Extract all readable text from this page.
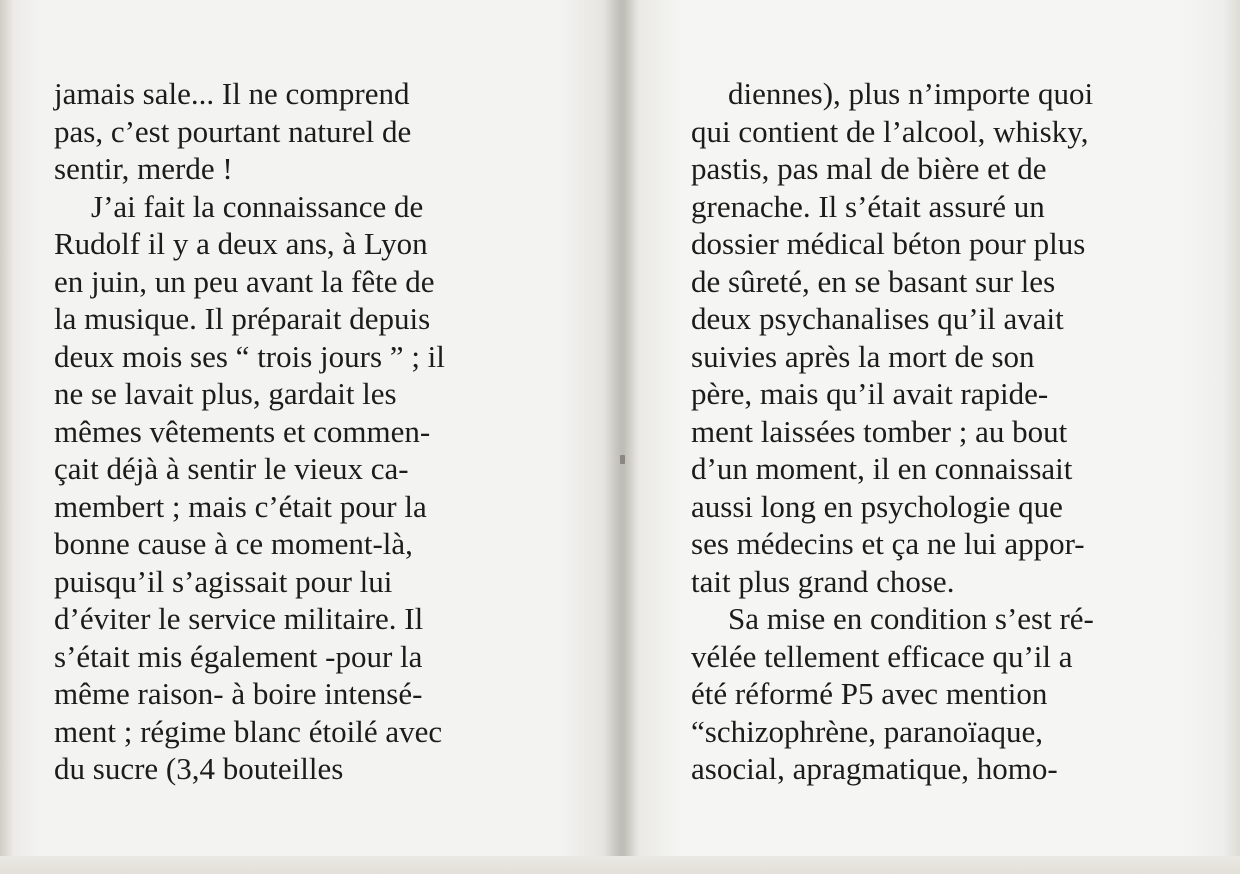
jamais sale... Il ne comprend
pas, c’est pourtant naturel de
sentir, merde !
J’ai fait la connaissance de
Rudolf il y a deux ans, à Lyon
en juin, un peu avant la fête de
la musique. Il préparait depuis
deux mois ses “ trois jours ” ; il
ne se lavait plus, gardait les
mêmes vêtements et commen-
çait déjà à sentir le vieux ca-
membert ; mais c’était pour la
bonne cause à ce moment-là,
puisqu’il s’agissait pour lui
d’éviter le service militaire. Il
s’était mis également -pour la
même raison- à boire intensé-
ment ; régime blanc étoilé avec
du sucre (3,4 bouteilles
diennes), plus n’importe quoi
qui contient de l’alcool, whisky,
pastis, pas mal de bière et de
grenache. Il s’était assuré un
dossier médical béton pour plus
de sûreté, en se basant sur les
deux psychanalises qu’il avait
suivies après la mort de son
père, mais qu’il avait rapide-
ment laissées tomber ; au bout
d’un moment, il en connaissait
aussi long en psychologie que
ses médecins et ça ne lui appor-
tait plus grand chose.
Sa mise en condition s’est ré-
vélée tellement efficace qu’il a
été réformé P5 avec mention
“schizophrène, paranoïaque,
asocial, apragmatique, homo-
